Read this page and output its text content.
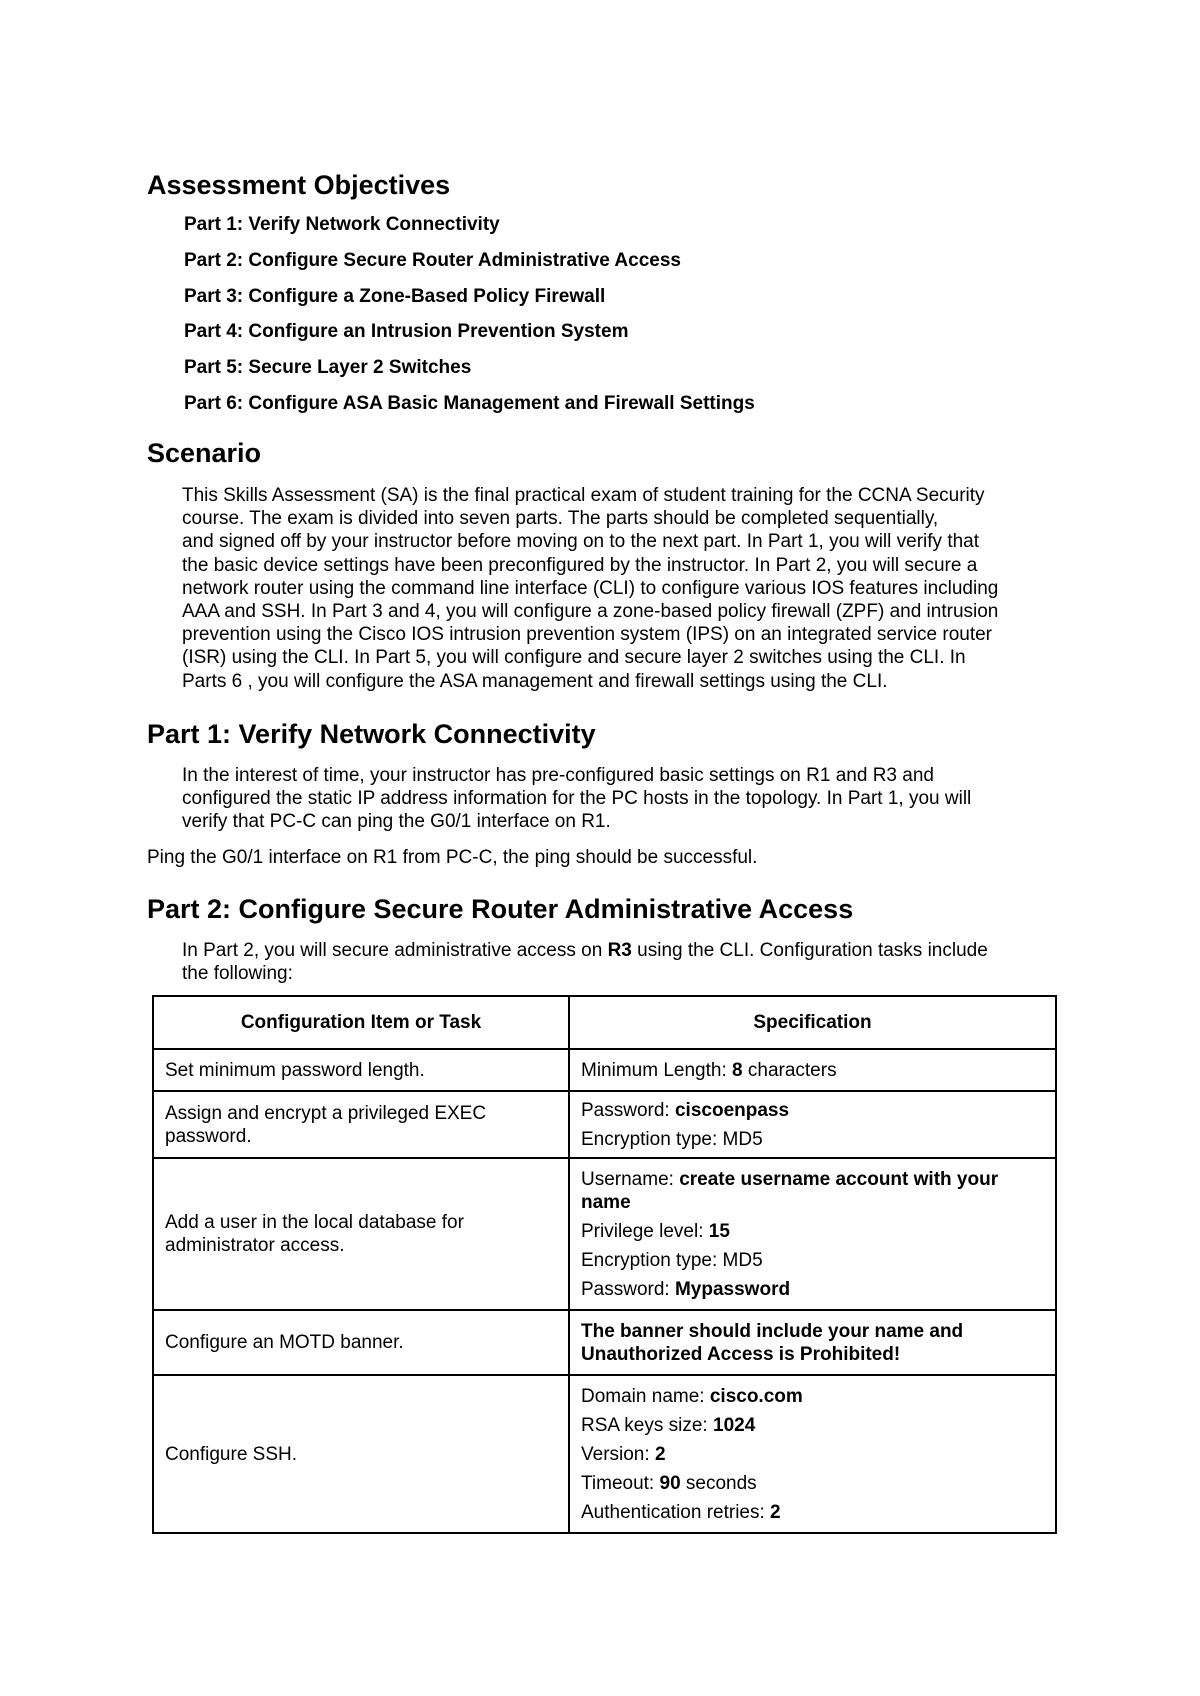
Assessment Objectives
Part 1: Verify Network Connectivity
Part 2: Configure Secure Router Administrative Access
Part 3: Configure a Zone-Based Policy Firewall
Part 4: Configure an Intrusion Prevention System
Part 5: Secure Layer 2 Switches
Part 6: Configure ASA Basic Management and Firewall Settings
Scenario
This Skills Assessment (SA) is the final practical exam of student training for the CCNA Security
course. The exam is divided into seven parts. The parts should be completed sequentially,
and signed off by your instructor before moving on to the next part. In Part 1, you will verify that
the basic device settings have been preconfigured by the instructor. In Part 2, you will secure a
network router using the command line interface (CLI) to configure various IOS features including
AAA and SSH. In Part 3 and 4, you will configure a zone-based policy firewall (ZPF) and intrusion
prevention using the Cisco IOS intrusion prevention system (IPS) on an integrated service router
(ISR) using the CLI. In Part 5, you will configure and secure layer 2 switches using the CLI. In
Parts 6 , you will configure the ASA management and firewall settings using the CLI.
Part 1: Verify Network Connectivity
In the interest of time, your instructor has pre-configured basic settings on R1 and R3 and
configured the static IP address information for the PC hosts in the topology. In Part 1, you will
verify that PC-C can ping the G0/1 interface on R1.
Ping the G0/1 interface on R1 from PC-C, the ping should be successful.
Part 2: Configure Secure Router Administrative Access
In Part 2, you will secure administrative access on R3 using the CLI. Configuration tasks include
the following:
Configuration Item or Task	Specification

Set minimum password length.	Minimum Length: 8 characters

Assign and encrypt a privileged EXEC
password.	Password: ciscoenpass
Encryption type: MD5

Add a user in the local database for
administrator access.	Username: create username account with your
name
Privilege level: 15
Encryption type: MD5
Password: Mypassword

Configure an MOTD banner.	The banner should include your name and
Unauthorized Access is Prohibited!

Configure SSH.	Domain name: cisco.com
RSA keys size: 1024
Version: 2
Timeout: 90 seconds
Authentication retries: 2
